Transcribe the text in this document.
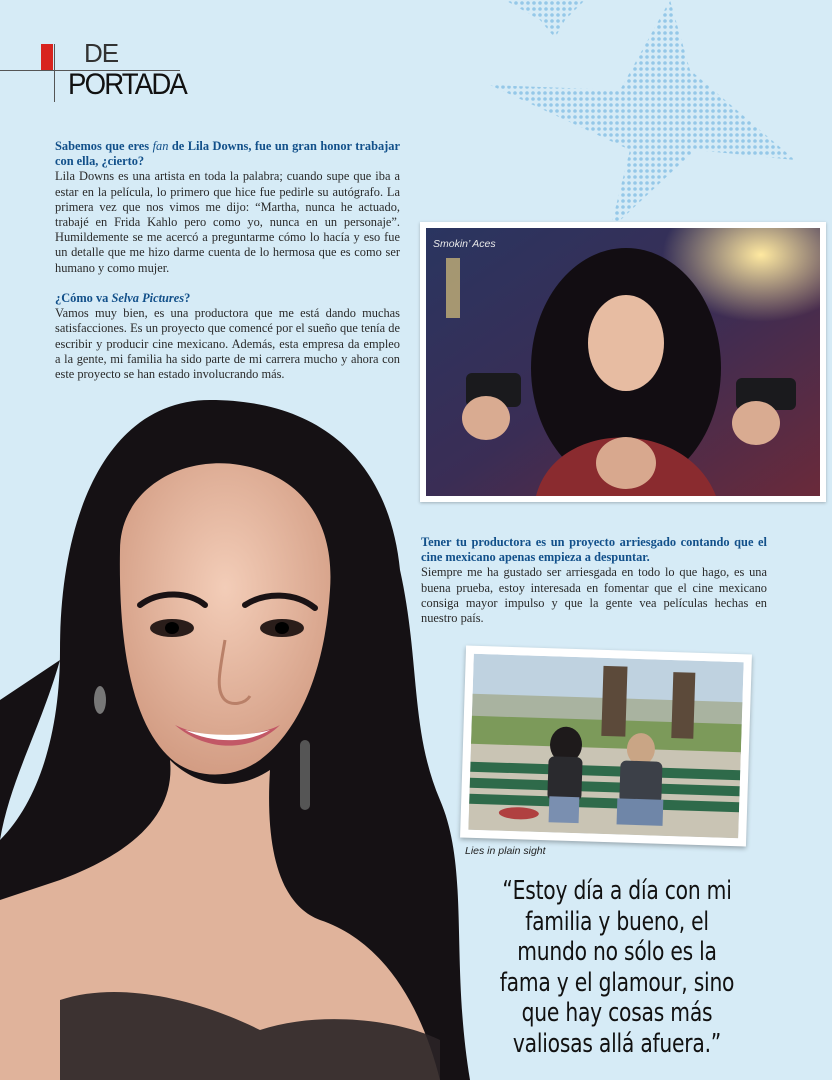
DE
PORTADA
Sabemos que eres fan de Lila Downs, fue un gran honor trabajar con ella, ¿cierto?
Lila Downs es una artista en toda la palabra; cuando supe que iba a estar en la película, lo primero que hice fue pedirle su autógrafo. La primera vez que nos vimos me dijo: “Martha, nunca he actuado, trabajé en Frida Kahlo pero como yo, nunca en un personaje”. Humildemente se me acercó a preguntarme cómo lo hacía y eso fue un detalle que me hizo darme cuenta de lo hermosa que es como ser humano y como mujer.
¿Cómo va Selva Pictures?
Vamos muy bien, es una productora que me está dando muchas satisfacciones. Es un proyecto que comencé por el sueño que tenía de escribir y producir cine mexicano. Además, esta empresa da empleo a la gente, mi familia ha sido parte de mi carrera mucho y ahora con este proyecto se han estado involucrando más.
Smokin’ Aces
Tener tu productora es un proyecto arriesgado contando que el cine mexicano apenas empieza a despuntar.
Siempre me ha gustado ser arriesgada en todo lo que hago, es una buena prueba, estoy interesada en fomentar que el cine mexicano consiga mayor impulso y que la gente vea películas hechas en nuestro país.
Lies in plain sight
“Estoy día a día con mi familia y bueno, el mundo no sólo es la fama y el glamour, sino que hay cosas más valiosas allá afuera.”
